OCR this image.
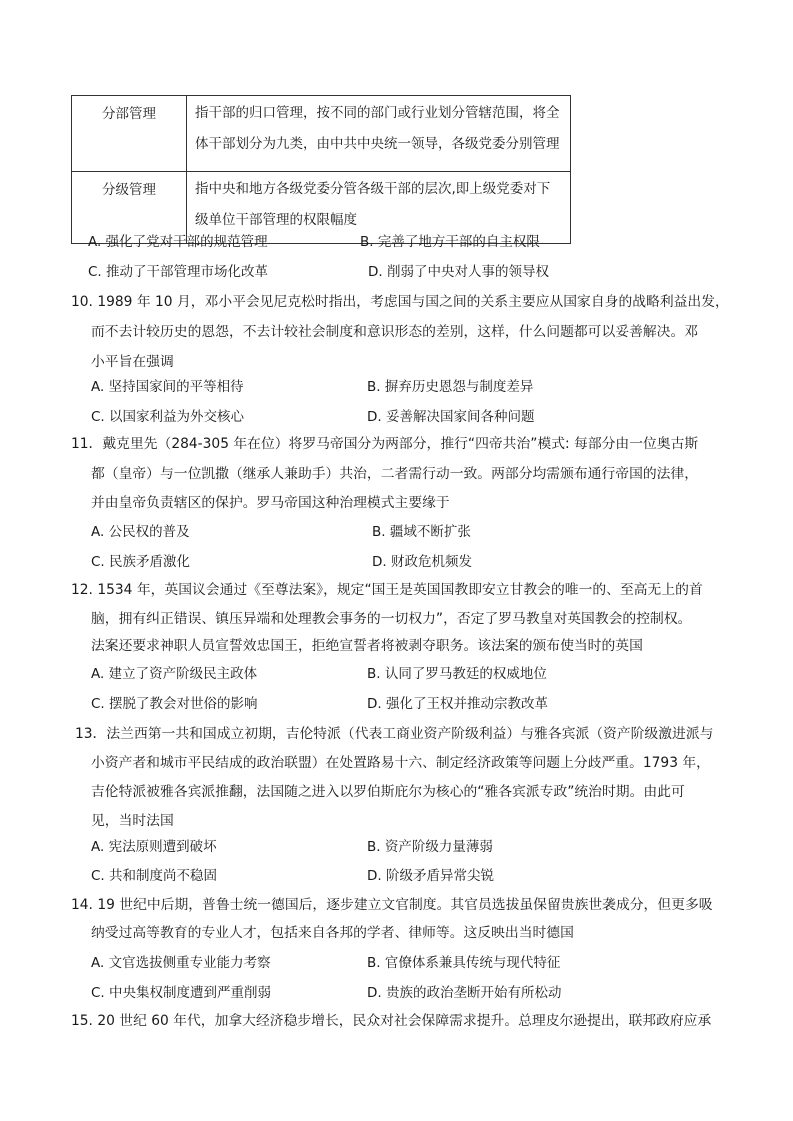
分部管理	指干部的归口管理，按不同的部门或行业划分管辖范围，将全
体干部划分为九类，由中共中央统一领导，各级党委分别管理

分级管理	指中央和地方各级党委分管各级干部的层次,即上级党委对下
级单位干部管理的权限幅度
A. 强化了党对干部的规范管理	B. 完善了地方干部的自主权限
C. 推动了干部管理市场化改革	D. 削弱了中央对人事的领导权
10. 1989 年 10 月，邓小平会见尼克松时指出，考虑国与国之间的关系主要应从国家自身的战略利益出发，
而不去计较历史的恩怨，不去计较社会制度和意识形态的差别，这样，什么问题都可以妥善解决。邓
小平旨在强调
A. 坚持国家间的平等相待	B. 摒弃历史恩怨与制度差异
C. 以国家利益为外交核心	D. 妥善解决国家间各种问题
11．戴克里先（284-305 年在位）将罗马帝国分为两部分，推行“四帝共治”模式: 每部分由一位奥古斯
都（皇帝）与一位凯撒（继承人兼助手）共治，二者需行动一致。两部分均需颁布通行帝国的法律，
并由皇帝负责辖区的保护。罗马帝国这种治理模式主要缘于
A. 公民权的普及	B. 疆域不断扩张
C. 民族矛盾激化	D. 财政危机频发
12. 1534 年，英国议会通过《至尊法案》，规定“国王是英国国教即安立甘教会的唯一的、至高无上的首
脑，拥有纠正错误、镇压异端和处理教会事务的一切权力”，否定了罗马教皇对英国教会的控制权。
法案还要求神职人员宣誓效忠国王，拒绝宣誓者将被剥夺职务。该法案的颁布使当时的英国
A. 建立了资产阶级民主政体	B. 认同了罗马教廷的权威地位
C. 摆脱了教会对世俗的影响	D. 强化了王权并推动宗教改革
13．法兰西第一共和国成立初期，吉伦特派（代表工商业资产阶级利益）与雅各宾派（资产阶级激进派与
小资产者和城市平民结成的政治联盟）在处置路易十六、制定经济政策等问题上分歧严重。1793 年，
吉伦特派被雅各宾派推翻，法国随之进入以罗伯斯庇尔为核心的“雅各宾派专政”统治时期。由此可
见，当时法国
A. 宪法原则遭到破坏	B. 资产阶级力量薄弱
C. 共和制度尚不稳固	D. 阶级矛盾异常尖锐
14. 19 世纪中后期，普鲁士统一德国后，逐步建立文官制度。其官员选拔虽保留贵族世袭成分，但更多吸
纳受过高等教育的专业人才，包括来自各邦的学者、律师等。这反映出当时德国
A. 文官选拔侧重专业能力考察	B. 官僚体系兼具传统与现代特征
C. 中央集权制度遭到严重削弱	D. 贵族的政治垄断开始有所松动
15. 20 世纪 60 年代，加拿大经济稳步增长，民众对社会保障需求提升。总理皮尔逊提出，联邦政府应承
